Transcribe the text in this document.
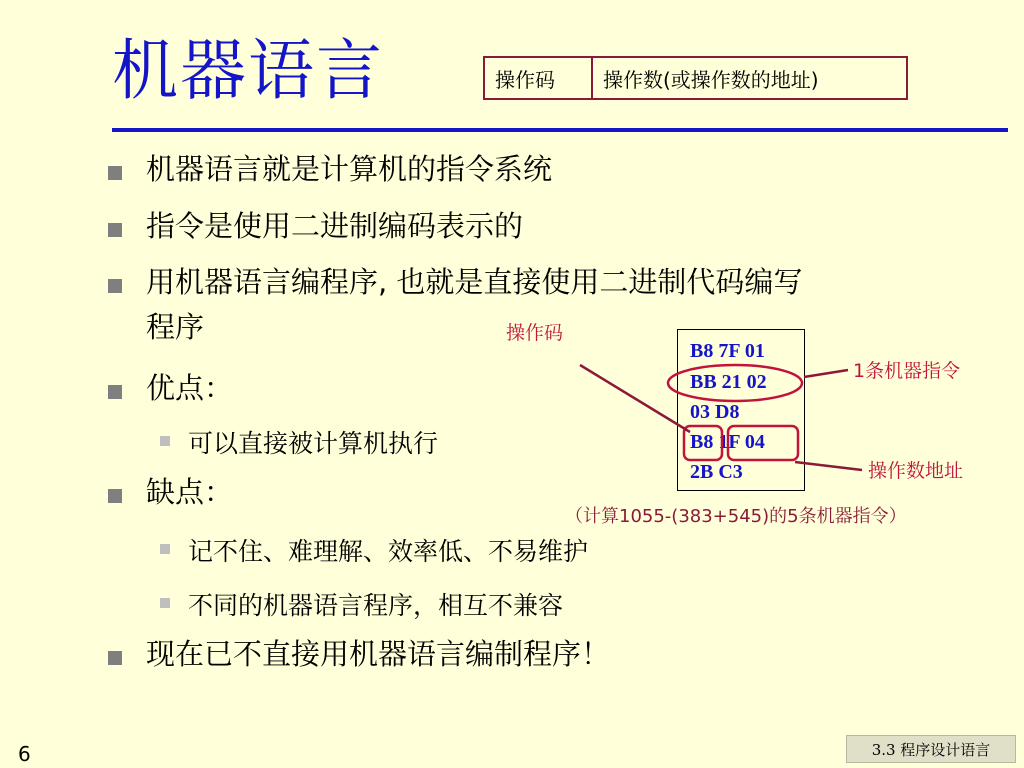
机器语言	操作码	操作数(或操作数的地址)
机器语言就是计算机的指令系统
指令是使用二进制编码表示的
用机器语言编程序, 也就是直接使用二进制代码编写
程序
优点：
可以直接被计算机执行
缺点：
记不住、难理解、效率低、不易维护
不同的机器语言程序，相互不兼容
现在已不直接用机器语言编制程序！
B8 7F 01
BB 21 02
03 D8
B8 1F 04
2B C3
操作码
1条机器指令
操作数地址
（计算1055-(383+545)的5条机器指令）
6	3.3 程序设计语言
